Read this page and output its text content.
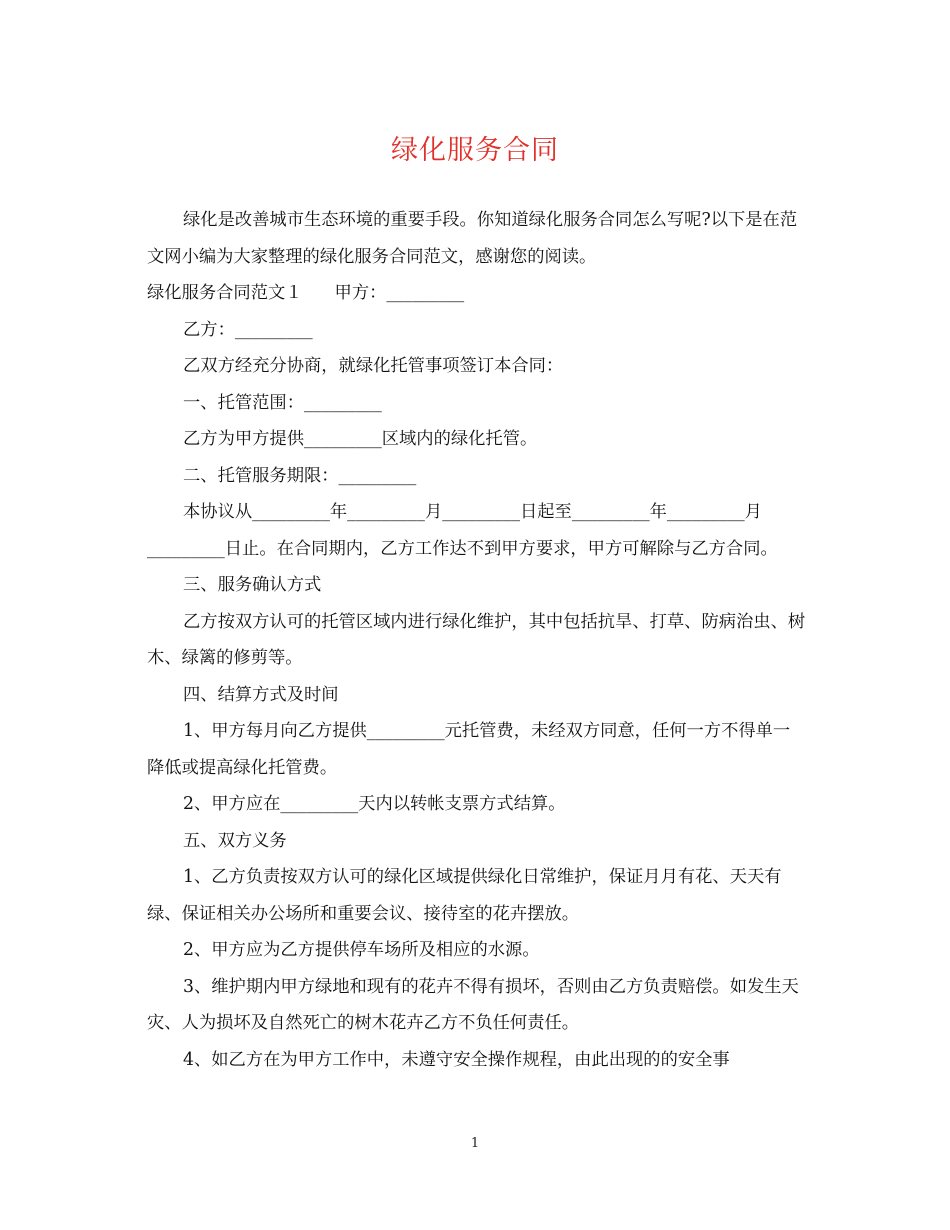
绿化服务合同

绿化是改善城市生态环境的重要手段。你知道绿化服务合同怎么写呢?以下是在范文网小编为大家整理的绿化服务合同范文，感谢您的阅读。

绿化服务合同范文１ 甲方：_________

乙方：_________

乙双方经充分协商，就绿化托管事项签订本合同：

一、托管范围：_________

乙方为甲方提供_________区域内的绿化托管。

二、托管服务期限：_________

本协议从_________年_________月_________日起至_________年_________月_________日止。在合同期内，乙方工作达不到甲方要求，甲方可解除与乙方合同。

三、服务确认方式

乙方按双方认可的托管区域内进行绿化维护，其中包括抗旱、打草、防病治虫、树木、绿篱的修剪等。

四、结算方式及时间

1、甲方每月向乙方提供_________元托管费，未经双方同意，任何一方不得单一降低或提高绿化托管费。

2、甲方应在_________天内以转帐支票方式结算。

五、双方义务

1、乙方负责按双方认可的绿化区域提供绿化日常维护，保证月月有花、天天有绿、保证相关办公场所和重要会议、接待室的花卉摆放。

2、甲方应为乙方提供停车场所及相应的水源。

3、维护期内甲方绿地和现有的花卉不得有损坏，否则由乙方负责赔偿。如发生天灾、人为损坏及自然死亡的树木花卉乙方不负任何责任。

4、如乙方在为甲方工作中，未遵守安全操作规程，由此出现的的安全事

1
